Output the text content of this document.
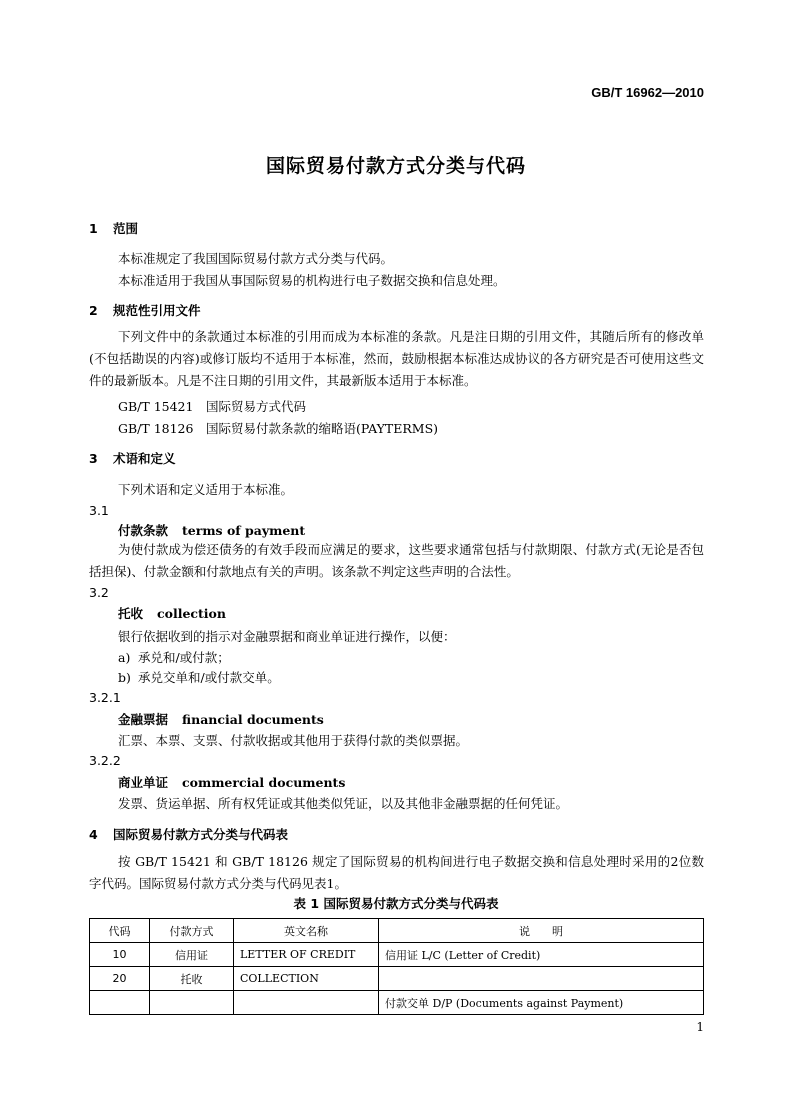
GB/T 16962—2010
国际贸易付款方式分类与代码
1 范围
本标准规定了我国国际贸易付款方式分类与代码。
本标准适用于我国从事国际贸易的机构进行电子数据交换和信息处理。
2 规范性引用文件
下列文件中的条款通过本标准的引用而成为本标准的条款。凡是注日期的引用文件，其随后所有的修改单(不包括勘误的内容)或修订版均不适用于本标准，然而，鼓励根据本标准达成协议的各方研究是否可使用这些文件的最新版本。凡是不注日期的引用文件，其最新版本适用于本标准。
GB/T 15421 国际贸易方式代码
GB/T 18126 国际贸易付款条款的缩略语(PAYTERMS)
3 术语和定义
下列术语和定义适用于本标准。
3.1
付款条款 terms of payment
为使付款成为偿还债务的有效手段而应满足的要求，这些要求通常包括与付款期限、付款方式(无论是否包括担保)、付款金额和付款地点有关的声明。该条款不判定这些声明的合法性。
3.2
托收 collection
银行依据收到的指示对金融票据和商业单证进行操作，以便：
a) 承兑和/或付款；
b) 承兑交单和/或付款交单。
3.2.1
金融票据 financial documents
汇票、本票、支票、付款收据或其他用于获得付款的类似票据。
3.2.2
商业单证 commercial documents
发票、货运单据、所有权凭证或其他类似凭证，以及其他非金融票据的任何凭证。
4 国际贸易付款方式分类与代码表
按 GB/T 15421 和 GB/T 18126 规定了国际贸易的机构间进行电子数据交换和信息处理时采用的2位数字代码。国际贸易付款方式分类与代码见表1。
表 1 国际贸易付款方式分类与代码表
代码	付款方式	英文名称	说　　明
10	信用证	LETTER OF CREDIT	信用证 L/C (Letter of Credit)
20	托收	COLLECTION	
			付款交单 D/P (Documents against Payment)
1
